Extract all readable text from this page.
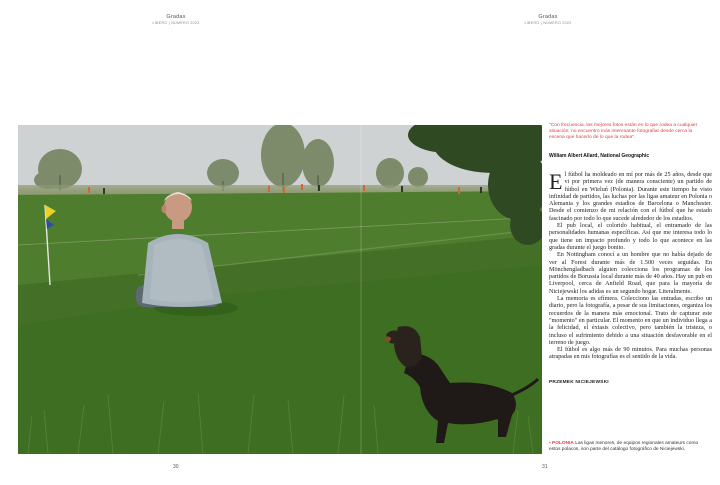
Gradas
LIBERO | NÚMERO 2022
Gradas
LIBERO | NÚMERO 2022
"Con frecuencia, las mejores fotos están en lo que rodea a cualquier situación; no encuentro más interesante fotografiar desde cerca la escena que hacerlo de lo que la rodea".
William Albert Allard, National Geographic

El fútbol ha moldeado en mí por más de 25 años, desde que vi por primera vez (de manera consciente) un partido de fútbol en Wieluń (Polonia). Durante este tiempo he visto infinidad de partidos, las luchas por las ligas amateur en Polonia o Alemania y los grandes estadios de Barcelona o Manchester. Desde el comienzo de mi relación con el fútbol que he estado fascinado por todo lo que sucede alrededor de los estadios.

El pub local, el colorido habitual, el entramado de las personalidades humanas específicas. Así que me interesa todo lo que tiene un impacto profundo y todo lo que acontece en las gradas durante el juego bonito.

En Nottingham conocí a un hombre que no había dejado de ver al Forest durante más de 1.500 veces seguidas. En Mönchengladbach alguien colecciona los programas de los partidos de Borussia local durante más de 40 años. Hay un pub en Liverpool, cerca de Anfield Road, que para la mayoría de Niciejewski los adidas es un segundo hogar. Literalmente.

La memoria es efímera. Colecciono las entradas, escribo un diario, pero la fotografía, a pesar de sus limitaciones, organiza los recuerdos de la manera más emocional. Trato de capturar este "momento" en particular. El momento en que un individuo llega a la felicidad, el éxtasis colectivo, pero también la tristeza, o incluso el sufrimiento debido a una situación desfavorable en el terreno de juego.

El fútbol es algo más de 90 minutos. Para muchas personas atrapadas en mis fotografías es el sentido de la vida.

PRZEMEK NICIEJEWSKI
• POLONIA Las ligas menores, de equipos regionales amateurs como estos polacos, son parte del catálogo fotográfico de Niciejewski.
30	31
